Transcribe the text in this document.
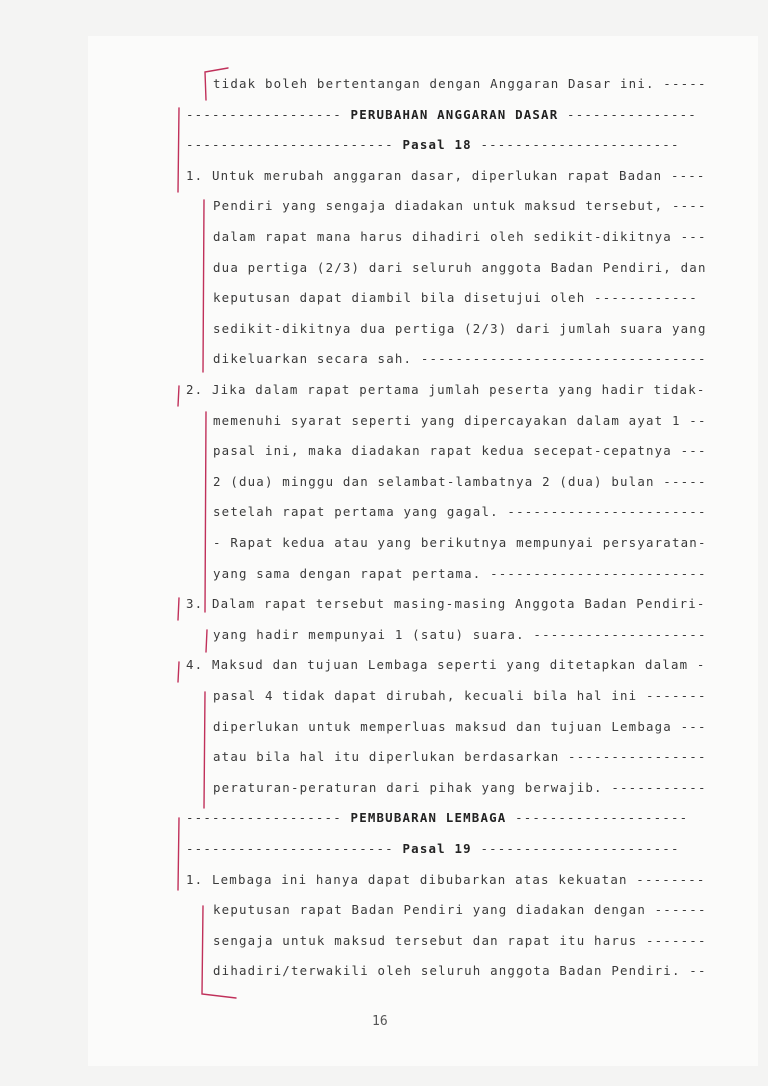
tidak boleh bertentangan dengan Anggaran Dasar ini. -----
------------------ PERUBAHAN ANGGARAN DASAR ---------------
------------------------ Pasal 18 -----------------------
1. Untuk merubah anggaran dasar, diperlukan rapat Badan ----
Pendiri yang sengaja diadakan untuk maksud tersebut, ----
dalam rapat mana harus dihadiri oleh sedikit-dikitnya ---
dua pertiga (2/3) dari seluruh anggota Badan Pendiri, dan
keputusan dapat diambil bila disetujui oleh ------------
sedikit-dikitnya dua pertiga (2/3) dari jumlah suara yang
dikeluarkan secara sah. ---------------------------------
2. Jika dalam rapat pertama jumlah peserta yang hadir tidak-
memenuhi syarat seperti yang dipercayakan dalam ayat 1 --
pasal ini, maka diadakan rapat kedua secepat-cepatnya ---
2 (dua) minggu dan selambat-lambatnya 2 (dua) bulan -----
setelah rapat pertama yang gagal. -----------------------
- Rapat kedua atau yang berikutnya mempunyai persyaratan-
yang sama dengan rapat pertama. -------------------------
3. Dalam rapat tersebut masing-masing Anggota Badan Pendiri-
yang hadir mempunyai 1 (satu) suara. --------------------
4. Maksud dan tujuan Lembaga seperti yang ditetapkan dalam -
pasal 4 tidak dapat dirubah, kecuali bila hal ini -------
diperlukan untuk memperluas maksud dan tujuan Lembaga ---
atau bila hal itu diperlukan berdasarkan ----------------
peraturan-peraturan dari pihak yang berwajib. -----------
------------------ PEMBUBARAN LEMBAGA --------------------
------------------------ Pasal 19 -----------------------
1. Lembaga ini hanya dapat dibubarkan atas kekuatan --------
keputusan rapat Badan Pendiri yang diadakan dengan ------
sengaja untuk maksud tersebut dan rapat itu harus -------
dihadiri/terwakili oleh seluruh anggota Badan Pendiri. --
16
